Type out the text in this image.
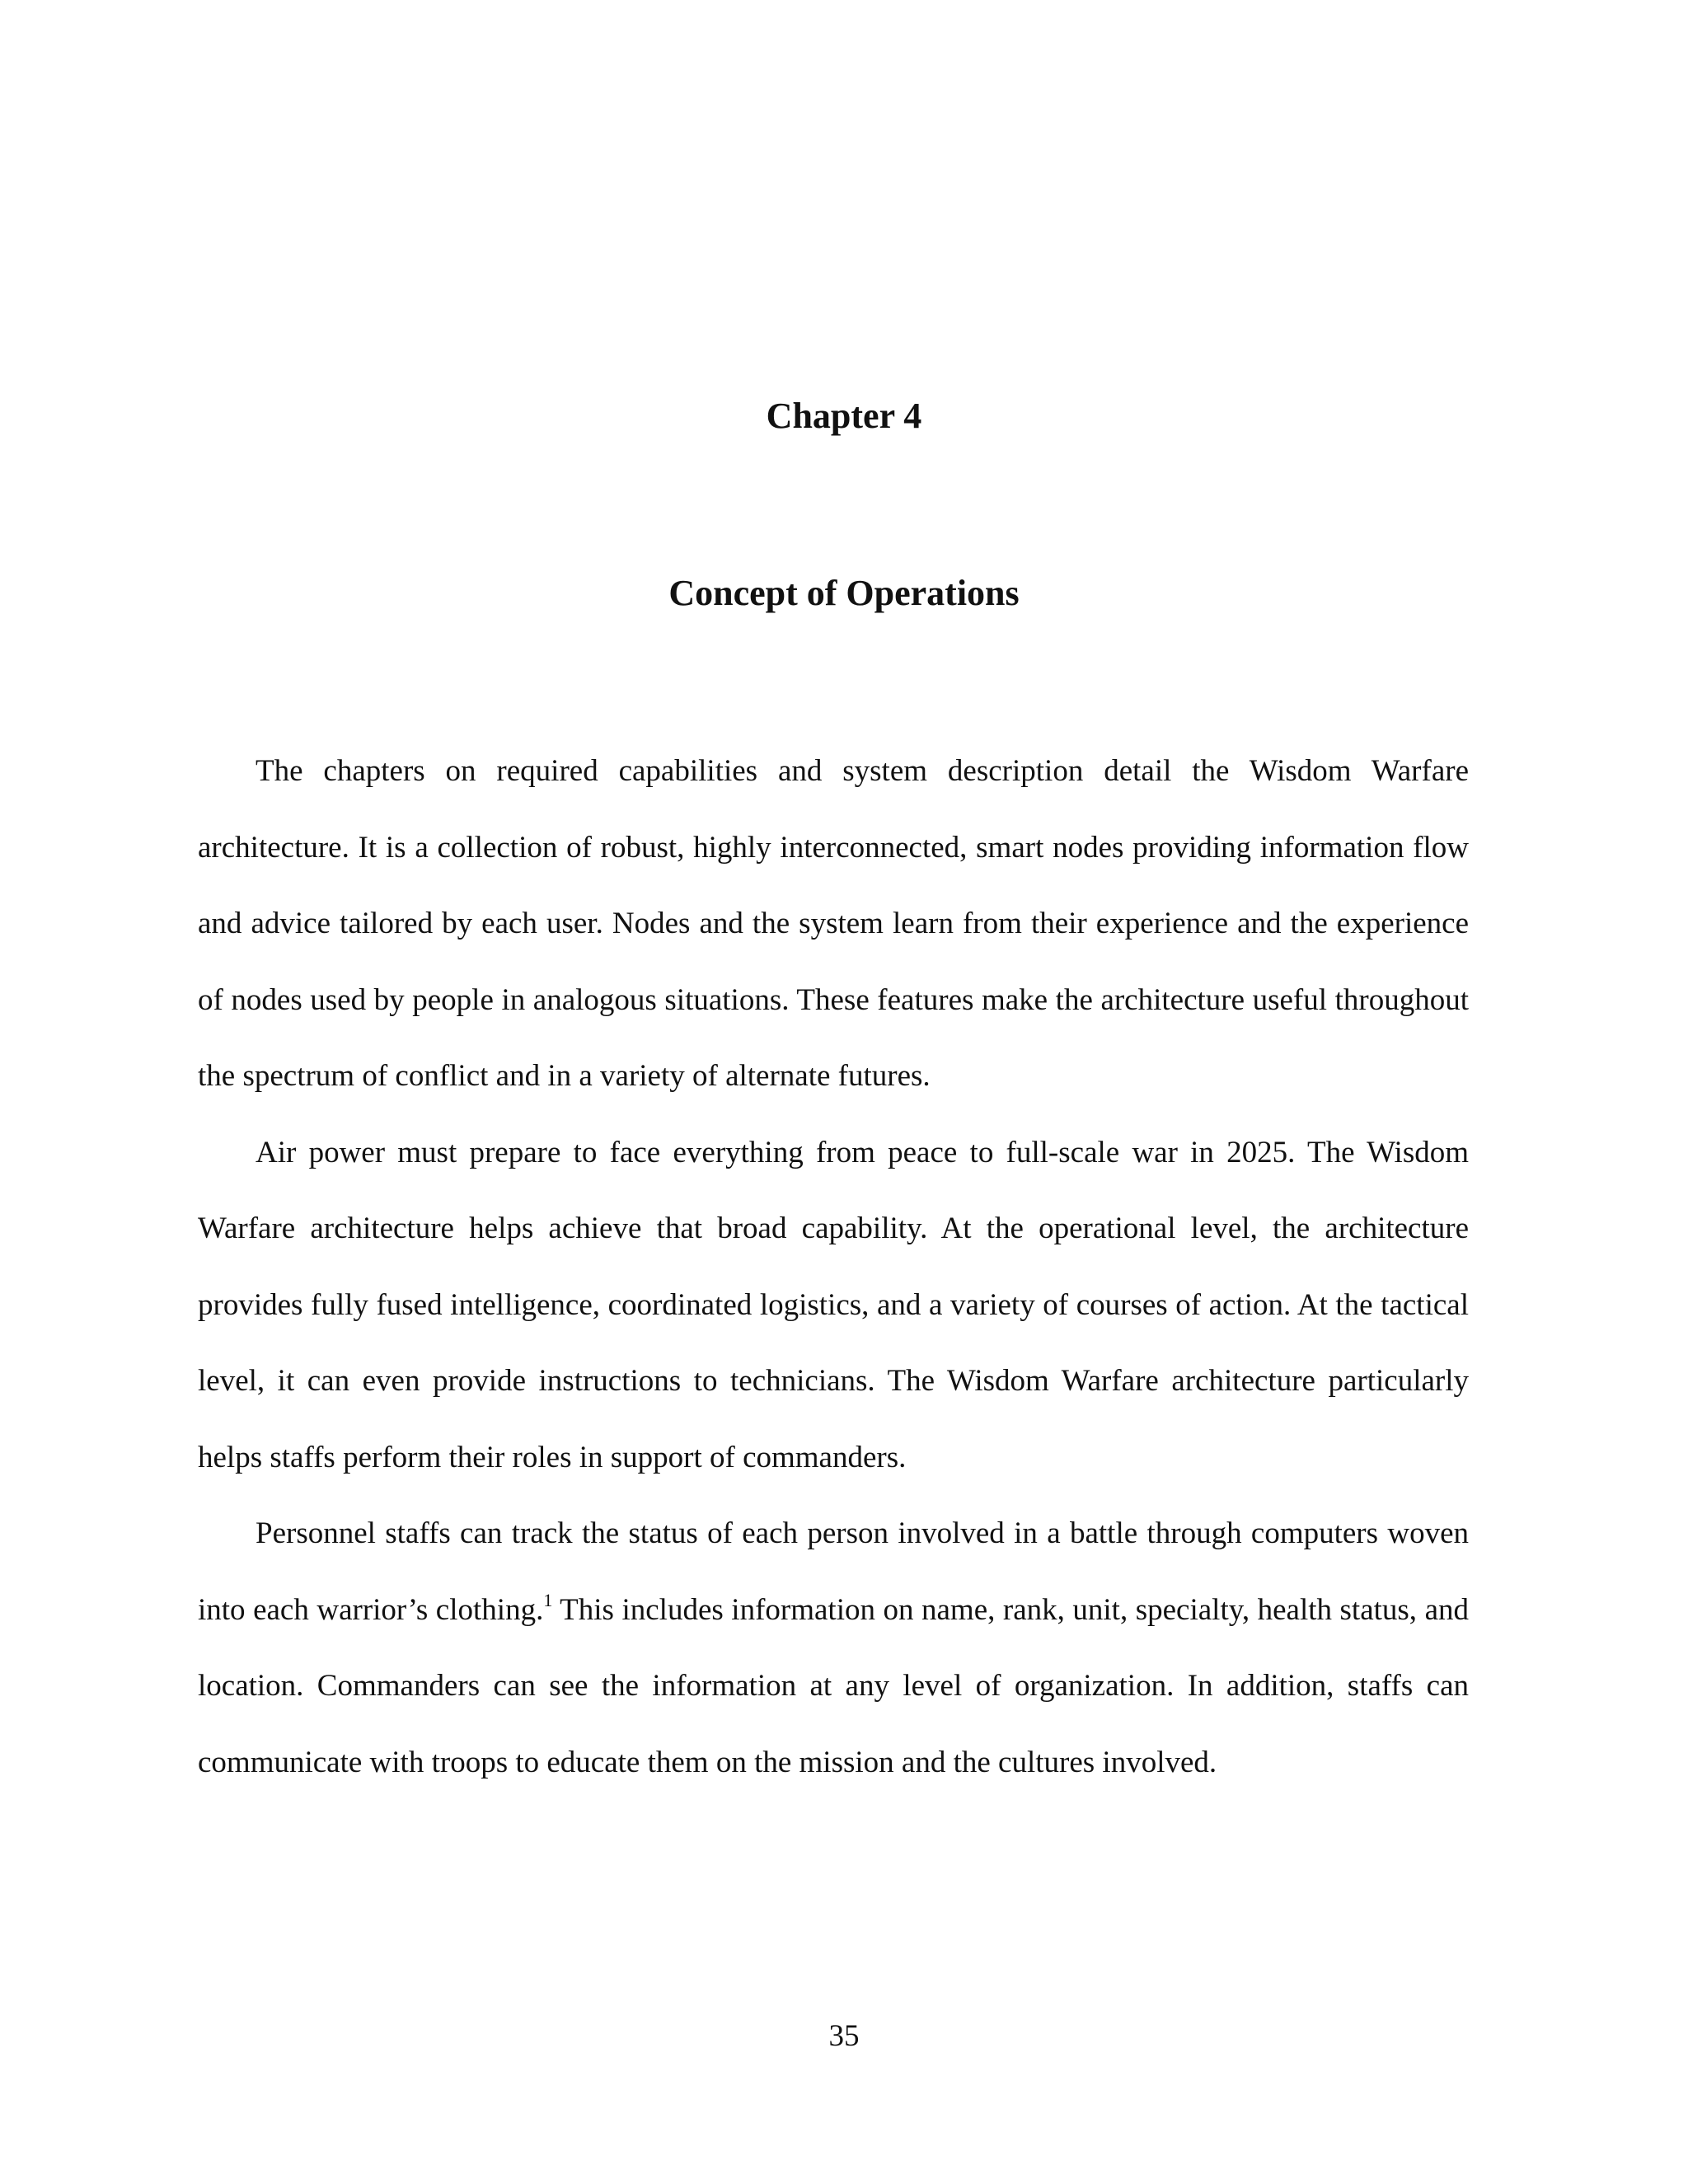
Chapter 4
Concept of Operations

The chapters on required capabilities and system description detail the Wisdom Warfare architecture. It is a collection of robust, highly interconnected, smart nodes providing information flow and advice tailored by each user. Nodes and the system learn from their experience and the experience of nodes used by people in analogous situations. These features make the architecture useful throughout the spectrum of conflict and in a variety of alternate futures.

Air power must prepare to face everything from peace to full-scale war in 2025. The Wisdom Warfare architecture helps achieve that broad capability. At the operational level, the architecture provides fully fused intelligence, coordinated logistics, and a variety of courses of action. At the tactical level, it can even provide instructions to technicians. The Wisdom Warfare architecture particularly helps staffs perform their roles in support of commanders.

Personnel staffs can track the status of each person involved in a battle through computers woven into each warrior’s clothing.$^1$ This includes information on name, rank, unit, specialty, health status, and location. Commanders can see the information at any level of organization. In addition, staffs can communicate with troops to educate them on the mission and the cultures involved.

35
